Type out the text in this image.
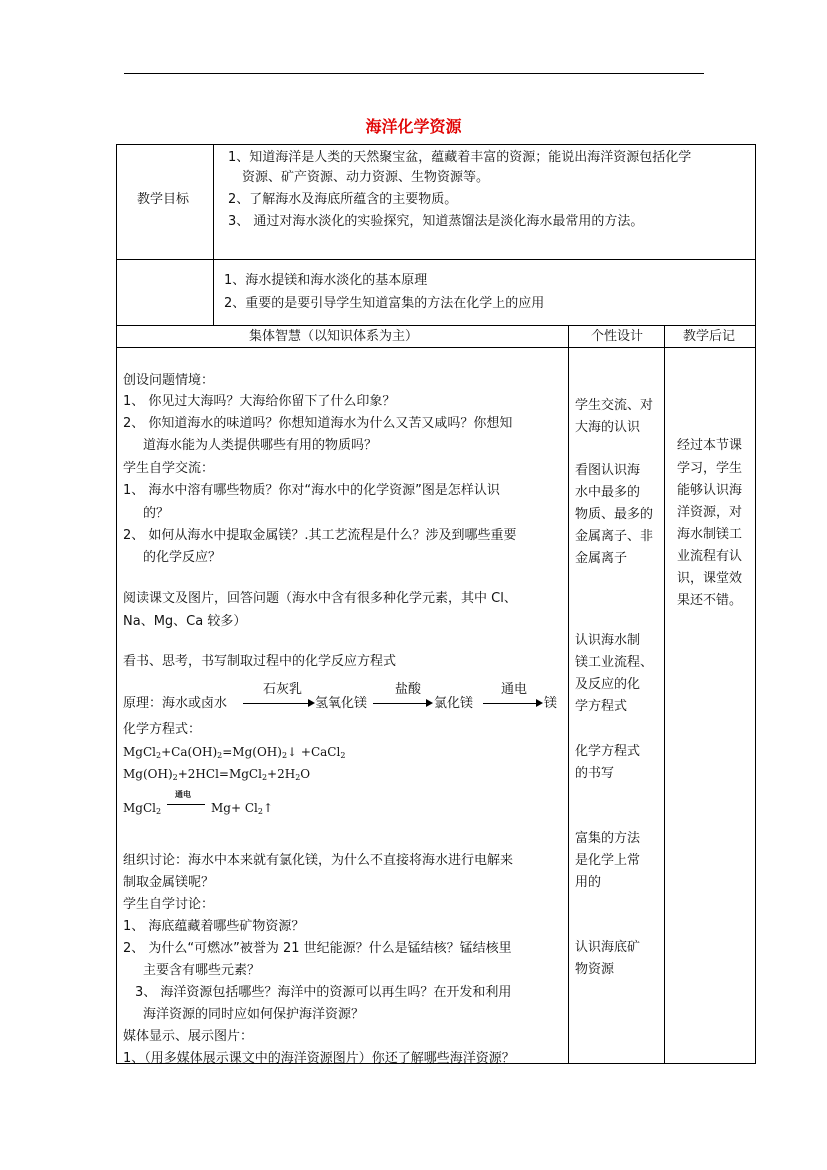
海洋化学资源
教学目标
1、知道海洋是人类的天然聚宝盆，蕴藏着丰富的资源；能说出海洋资源包括化学
资源、矿产资源、动力资源、生物资源等。
2、了解海水及海底所蕴含的主要物质。
3、 通过对海水淡化的实验探究，知道蒸馏法是淡化海水最常用的方法。
1、海水提镁和海水淡化的基本原理
2、重要的是要引导学生知道富集的方法在化学上的应用
集体智慧（以知识体系为主）	个性设计	教学后记
创设问题情境：
1、 你见过大海吗？大海给你留下了什么印象？
2、 你知道海水的味道吗？你想知道海水为什么又苦又咸吗？你想知
道海水能为人类提供哪些有用的物质吗？
学生自学交流：
1、 海水中溶有哪些物质？你对“海水中的化学资源”图是怎样认识
的？
2、 如何从海水中提取金属镁？.其工艺流程是什么？涉及到哪些重要
的化学反应？
阅读课文及图片，回答问题（海水中含有很多种化学元素，其中 Cl、
Na、Mg、Ca 较多）
看书、思考，书写制取过程中的化学反应方程式
原理：海水或卤水
石灰乳
氢氧化镁
盐酸
氯化镁
通电
镁
化学方程式：
$MgCl_2+Ca(OH)_2=Mg(OH)_2↓$ +CaCl$_2$
$Mg(OH)_2+2HCl=MgCl_2+2H_2O$
MgCl$_2$
通电
$Mg+ Cl_2↑$
组织讨论：海水中本来就有氯化镁，为什么不直接将海水进行电解来
制取金属镁呢？
学生自学讨论：
1、 海底蕴藏着哪些矿物资源？
2、 为什么“可燃冰”被誉为 21 世纪能源？什么是锰结核？锰结核里
主要含有哪些元素？
3、 海洋资源包括哪些？海洋中的资源可以再生吗？在开发和利用
海洋资源的同时应如何保护海洋资源？
媒体显示、展示图片：
1、（用多媒体展示课文中的海洋资源图片）你还了解哪些海洋资源？
学生交流、对
大海的认识
看图认识海
水中最多的
物质、最多的
金属离子、非
金属离子
认识海水制
镁工业流程、
及反应的化
学方程式
化学方程式
的书写
富集的方法
是化学上常
用的
认识海底矿
物资源
经过本节课
学习，学生
能够认识海
洋资源，对
海水制镁工
业流程有认
识，课堂效
果还不错。
